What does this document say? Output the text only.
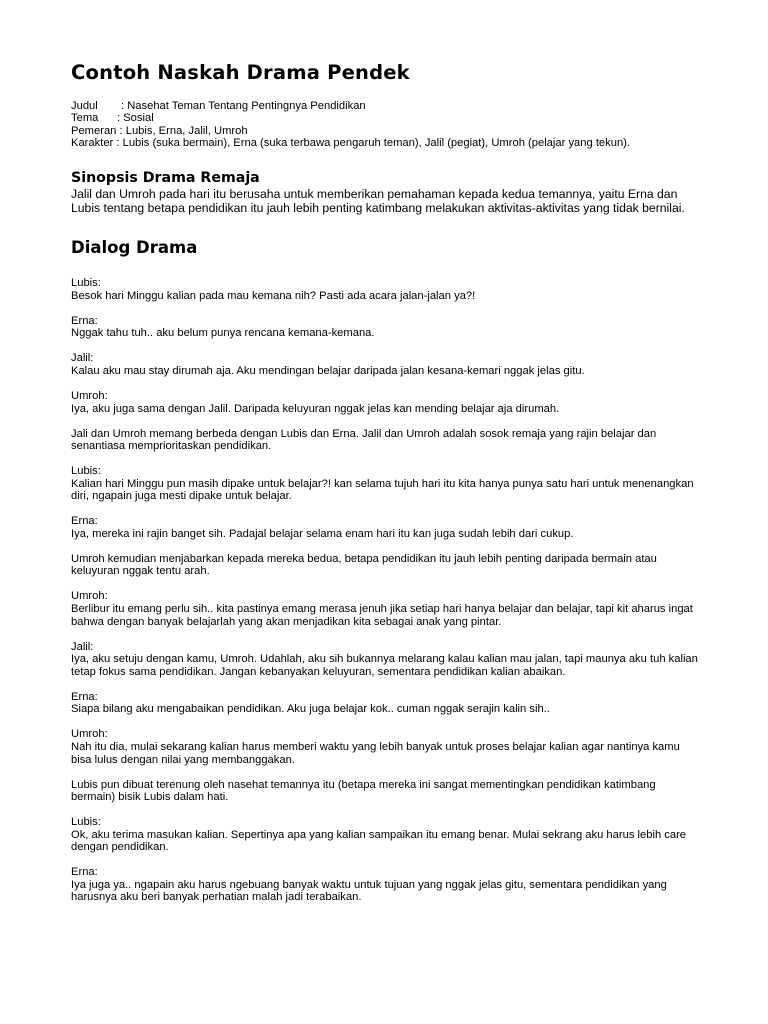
Contoh Naskah Drama Pendek
Judul	: Nasehat Teman Tentang Pentingnya Pendidikan
Tema	: Sosial
Pemeran : Lubis, Erna, Jalil, Umroh
Karakter : Lubis (suka bermain), Erna (suka terbawa pengaruh teman), Jalil (pegiat), Umroh (pelajar yang tekun).
Sinopsis Drama Remaja

Jalil dan Umroh pada hari itu berusaha untuk memberikan pemahaman kepada kedua temannya, yaitu Erna dan Lubis tentang betapa pendidikan itu jauh lebih penting katimbang melakukan aktivitas-aktivitas yang tidak bernilai.

Dialog Drama
Lubis:
Besok hari Minggu kalian pada mau kemana nih? Pasti ada acara jalan-jalan ya?!
Erna:
Nggak tahu tuh.. aku belum punya rencana kemana-kemana.
Jalil:
Kalau aku mau stay dirumah aja. Aku mendingan belajar daripada jalan kesana-kemari nggak jelas gitu.
Umroh:
Iya, aku juga sama dengan Jalil. Daripada keluyuran nggak jelas kan mending belajar aja dirumah.
Jali dan Umroh memang berbeda dengan Lubis dan Erna. Jalil dan Umroh adalah sosok remaja yang rajin belajar dan senantiasa memprioritaskan pendidikan.
Lubis:
Kalian hari Minggu pun masih dipake untuk belajar?! kan selama tujuh hari itu kita hanya punya satu hari untuk menenangkan diri, ngapain juga mesti dipake untuk belajar.
Erna:
Iya, mereka ini rajin banget sih. Padajal belajar selama enam hari itu kan juga sudah lebih dari cukup.
Umroh kemudian menjabarkan kepada mereka bedua, betapa pendidikan itu jauh lebih penting daripada bermain atau keluyuran nggak tentu arah.
Umroh:
Berlibur itu emang perlu sih.. kita pastinya emang merasa jenuh jika setiap hari hanya belajar dan belajar, tapi kit aharus ingat bahwa dengan banyak belajarlah yang akan menjadikan kita sebagai anak yang pintar.
Jalil:
Iya, aku setuju dengan kamu, Umroh. Udahlah, aku sih bukannya melarang kalau kalian mau jalan, tapi maunya aku tuh kalian tetap fokus sama pendidikan. Jangan kebanyakan keluyuran, sementara pendidikan kalian abaikan.
Erna:
Siapa bilang aku mengabaikan pendidikan. Aku juga belajar kok.. cuman nggak serajin kalin sih..
Umroh:
Nah itu dia, mulai sekarang kalian harus memberi waktu yang lebih banyak untuk proses belajar kalian agar nantinya kamu bisa lulus dengan nilai yang membanggakan.
Lubis pun dibuat terenung oleh nasehat temannya itu (betapa mereka ini sangat mementingkan pendidikan katimbang bermain) bisik Lubis dalam hati.
Lubis:
Ok, aku terima masukan kalian. Sepertinya apa yang kalian sampaikan itu emang benar. Mulai sekrang aku harus lebih care dengan pendidikan.
Erna:
Iya juga ya.. ngapain aku harus ngebuang banyak waktu untuk tujuan yang nggak jelas gitu, sementara pendidikan yang harusnya aku beri banyak perhatian malah jadi terabaikan.
